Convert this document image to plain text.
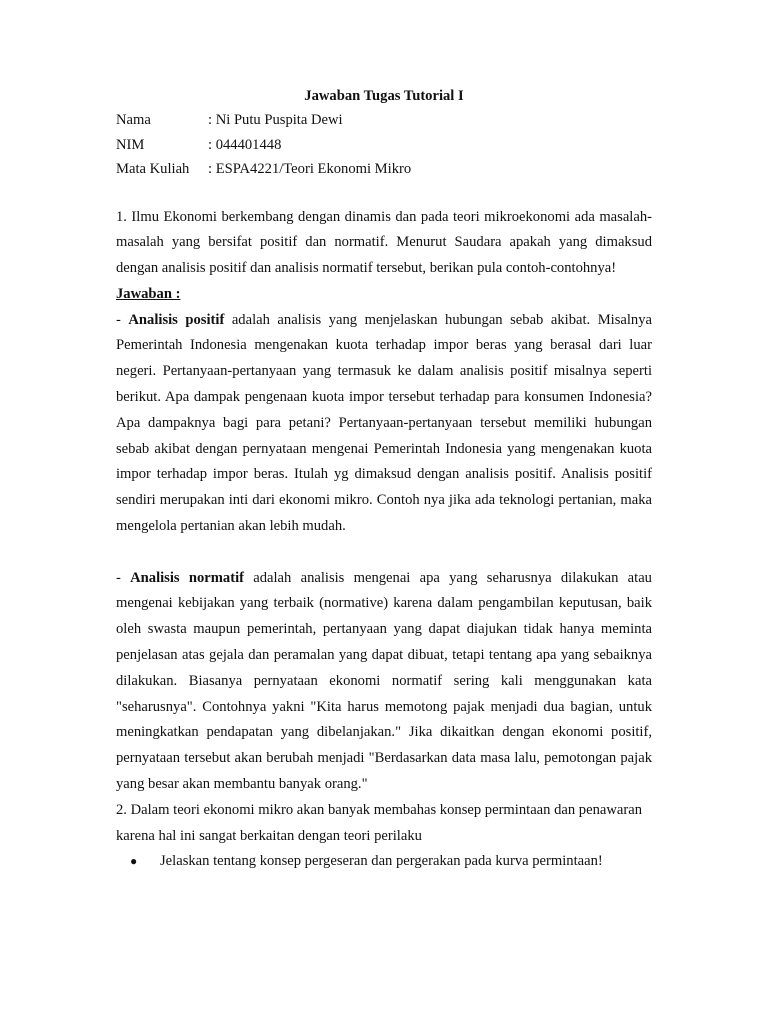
Jawaban Tugas Tutorial I

Nama	: Ni Putu Puspita Dewi
NIM	: 044401448
Mata Kuliah	: ESPA4221/Teori Ekonomi Mikro

1. Ilmu Ekonomi berkembang dengan dinamis dan pada teori mikroekonomi ada masalah-masalah yang bersifat positif dan normatif. Menurut Saudara apakah yang dimaksud dengan analisis positif dan analisis normatif tersebut, berikan pula contoh-contohnya!

Jawaban :

- Analisis positif adalah analisis yang menjelaskan hubungan sebab akibat. Misalnya Pemerintah Indonesia mengenakan kuota terhadap impor beras yang berasal dari luar negeri. Pertanyaan-pertanyaan yang termasuk ke dalam analisis positif misalnya seperti berikut. Apa dampak pengenaan kuota impor tersebut terhadap para konsumen Indonesia? Apa dampaknya bagi para petani? Pertanyaan-pertanyaan tersebut memiliki hubungan sebab akibat dengan pernyataan mengenai Pemerintah Indonesia yang mengenakan kuota impor terhadap impor beras. Itulah yg dimaksud dengan analisis positif. Analisis positif sendiri merupakan inti dari ekonomi mikro. Contoh nya jika ada teknologi pertanian, maka mengelola pertanian akan lebih mudah.

- Analisis normatif adalah analisis mengenai apa yang seharusnya dilakukan atau mengenai kebijakan yang terbaik (normative) karena dalam pengambilan keputusan, baik oleh swasta maupun pemerintah, pertanyaan yang dapat diajukan tidak hanya meminta penjelasan atas gejala dan peramalan yang dapat dibuat, tetapi tentang apa yang sebaiknya dilakukan. Biasanya pernyataan ekonomi normatif sering kali menggunakan kata "seharusnya". Contohnya yakni "Kita harus memotong pajak menjadi dua bagian, untuk meningkatkan pendapatan yang dibelanjakan." Jika dikaitkan dengan ekonomi positif, pernyataan tersebut akan berubah menjadi "Berdasarkan data masa lalu, pemotongan pajak yang besar akan membantu banyak orang."

2. Dalam teori ekonomi mikro akan banyak membahas konsep permintaan dan penawaran karena hal ini sangat berkaitan dengan teori perilaku

●	Jelaskan tentang konsep pergeseran dan pergerakan pada kurva permintaan!
